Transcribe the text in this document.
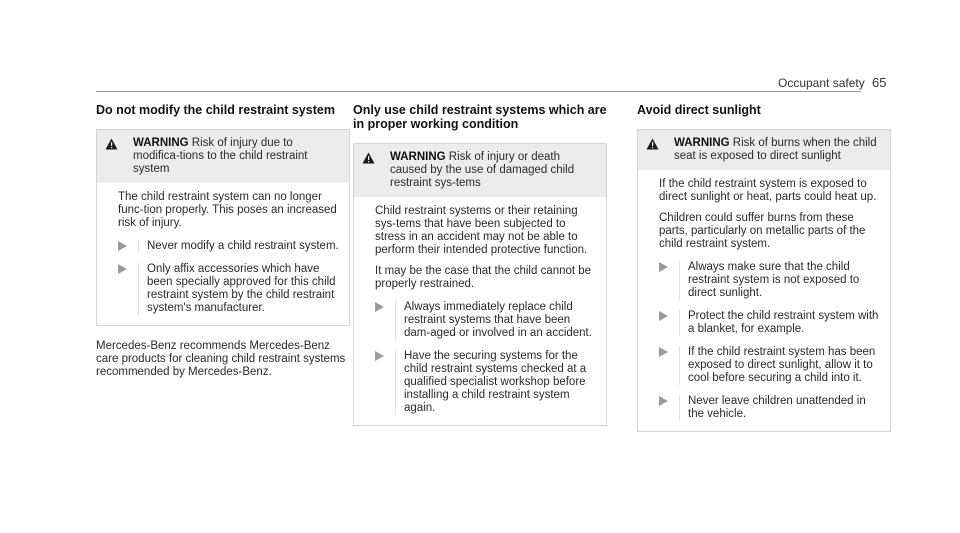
Occupant safety 65
Do not modify the child restraint system
WARNING Risk of injury due to modifica-tions to the child restraint system

The child restraint system can no longer func-tion properly. This poses an increased risk of injury.

Never modify a child restraint system.
Only affix accessories which have been specially approved for this child restraint system by the child restraint system's manufacturer.
Mercedes-Benz recommends Mercedes-Benz care products for cleaning child restraint systems recommended by Mercedes-Benz.
Only use child restraint systems which are in proper working condition
WARNING Risk of injury or death caused by the use of damaged child restraint sys-tems

Child restraint systems or their retaining sys-tems that have been subjected to stress in an accident may not be able to perform their intended protective function.

It may be the case that the child cannot be properly restrained.

Always immediately replace child restraint systems that have been dam-aged or involved in an accident.
Have the securing systems for the child restraint systems checked at a qualified specialist workshop before installing a child restraint system again.
Avoid direct sunlight
WARNING Risk of burns when the child seat is exposed to direct sunlight

If the child restraint system is exposed to direct sunlight or heat, parts could heat up.

Children could suffer burns from these parts, particularly on metallic parts of the child restraint system.

Always make sure that the child restraint system is not exposed to direct sunlight.
Protect the child restraint system with a blanket, for example.
If the child restraint system has been exposed to direct sunlight, allow it to cool before securing a child into it.
Never leave children unattended in the vehicle.
